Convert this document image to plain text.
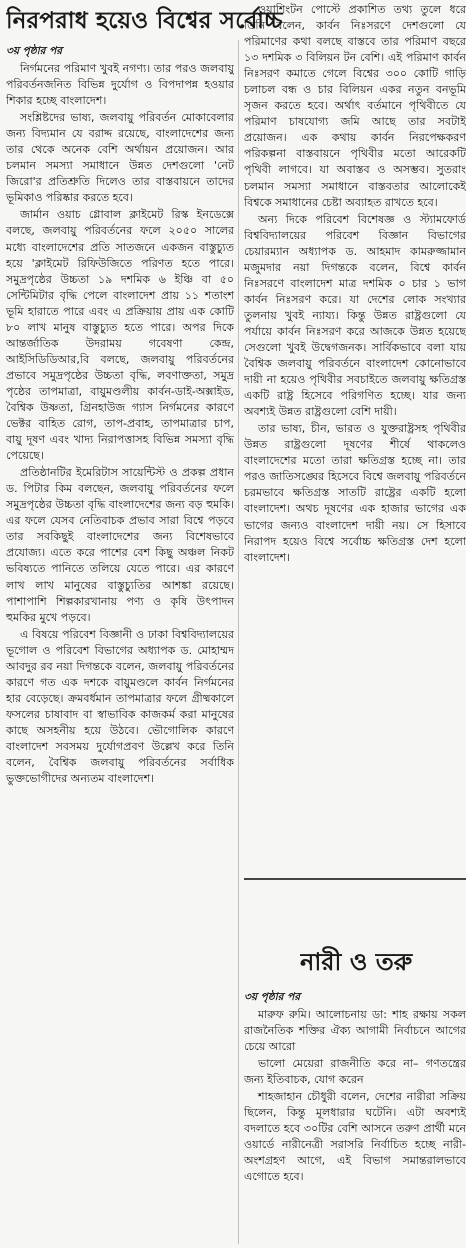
নিরপরাধ হয়েও বিশ্বের সর্বোচ্চ
৩য় পৃষ্ঠার পর

নির্গমনের পরিমাণ খুবই নগণ্য। তার পরও জলবায়ু পরিবর্তনজনিত বিভিন্ন দুর্যোগ ও বিপদাপন্ন হওয়ার শিকার হচ্ছে বাংলাদেশ।

সংশ্লিষ্টদের ভাষ্য, জলবায়ু পরিবর্তন মোকাবেলার জন্য বিদ্যমান যে বরাদ্দ রয়েছে, বাংলাদেশের জন্য তার থেকে অনেক বেশি অর্থায়ন প্রয়োজন। আর চলমান সমস্যা সমাধানে উন্নত দেশগুলো 'নেট জিরো'র প্রতিশ্রুতি দিলেও তার বাস্তবায়নে তাদের ভূমিকাও পরিষ্কার করতে হবে।

জার্মান ওয়াচ গ্লোবাল ক্লাইমেট রিস্ক ইনডেক্সে বলছে, জলবায়ু পরিবর্তনের ফলে ২০৫০ সালের মধ্যে বাংলাদেশের প্রতি সাতজনে একজন বাস্তুচ্যুত হয়ে 'ক্লাইমেট রিফিউজিতে পরিণত হতে পারে। সমুদ্রপৃষ্ঠের উচ্চতা ১৯ দশমিক ৬ ইঞ্চি বা ৫০ সেন্টিমিটার বৃদ্ধি পেলে বাংলাদেশ প্রায় ১১ শতাংশ ভূমি হারাতে পারে এবং এ প্রক্রিয়ায় প্রায় এক কোটি ৮০ লাখ মানুষ বাস্তুচ্যুত হতে পারে। অপর দিকে আন্তর্জাতিক উদরাময় গবেষণা কেন্দ্র, আইসিডিডিআর,বি বলছে, জলবায়ু পরিবর্তনের প্রভাবে সমুদ্রপৃষ্ঠের উচ্চতা বৃদ্ধি, লবণাক্ততা, সমুদ্র পৃষ্ঠের তাপমাত্রা, বায়ুমণ্ডলীয় কার্বন-ডাই-অক্সাইড, বৈশ্বিক উষ্ণতা, গ্রিনহাউজ গ্যাস নির্গমনের কারণে ভেক্টর বাহিত রোগ, তাপ-প্রবাহ, তাপমাত্রার চাপ, বায়ু দূষণ এবং খাদ্য নিরাপত্তাসহ বিভিন্ন সমস্যা বৃদ্ধি পেয়েছে।

প্রতিষ্ঠানটির ইমেরিটাস সায়েন্টিস্ট ও প্রকল্প প্রধান ড. পিটার কিম বলছেন, জলবায়ু পরিবর্তনের ফলে সমুদ্রপৃষ্ঠের উচ্চতা বৃদ্ধি বাংলাদেশের জন্য বড় হুমকি। এর ফলে যেসব নেতিবাচক প্রভাব সারা বিশ্বে পড়বে তার সবকিছুই বাংলাদেশের জন্য বিশেষভাবে প্রযোজ্য। এতে করে পাশের বেশ কিছু অঞ্চল নিকট ভবিষ্যতে পানিতে তলিয়ে যেতে পারে। এর কারণে লাখ লাখ মানুষের বাস্তুচ্যুতির আশঙ্কা রয়েছে। পাশাপাশি শিল্পকারখানায় পণ্য ও কৃষি উৎপাদন হুমকির মুখে পড়বে।

এ বিষয়ে পরিবেশ বিজ্ঞানী ও ঢাকা বিশ্ববিদ্যালয়ের ভূগোল ও পরিবেশ বিভাগের অধ্যাপক ড. মোহাম্মদ আবদুর রব নয়া দিগন্তকে বলেন, জলবায়ু পরিবর্তনের কারণে গত এক দশকে বায়ুমণ্ডলে কার্বন নির্গমনের হার বেড়েছে। ক্রমবর্ধমান তাপমাত্রার ফলে গ্রীষ্মকালে ফসলের চাষাবাদ বা স্বাভাবিক কাজকর্ম করা মানুষের কাছে অসহনীয় হয়ে উঠবে। ভৌগোলিক কারণে বাংলাদেশ সবসময় দুর্যোগপ্রবণ উল্লেখ করে তিনি বলেন, বৈশ্বিক জলবায়ু পরিবর্তনের সর্বাধিক ভুক্তভোগীদের অন্যতম বাংলাদেশ।

ওয়াশিংটন পোস্টে প্রকাশিত তথ্য তুলে ধরে তিনি বলেন, কার্বন নিঃসরণে দেশগুলো যে পরিমাণের কথা বলছে বাস্তবে তার পরিমাণ বছরে ১৩ দশমিক ৩ বিলিয়ন টন বেশি। এই পরিমাণ কার্বন নিঃসরণ কমাতে গেলে বিশ্বের ৩০০ কোটি গাড়ি চলাচল বন্ধ ও চার বিলিয়ন একর নতুন বনভূমি সৃজন করতে হবে। অর্থাৎ বর্তমানে পৃথিবীতে যে পরিমাণ চাষযোগ্য জমি আছে তার সবটাই প্রয়োজন। এক কথায় কার্বন নিরপেক্ষকরণ পরিকল্পনা বাস্তবায়নে পৃথিবীর মতো আরেকটি পৃথিবী লাগবে। যা অবাস্তব ও অসম্ভব। সুতরাং চলমান সমস্যা সমাধানে বাস্তবতার আলোকেই বিশ্বকে সমাধানের চেষ্টা অব্যাহত রাখতে হবে।

অন্য দিকে পরিবেশ বিশেষজ্ঞ ও স্ট্যামফোর্ড বিশ্ববিদ্যালয়ের পরিবেশ বিজ্ঞান বিভাগের চেয়ারম্যান অধ্যাপক ড. আহমাদ কামরুজ্জামান মজুমদার নয়া দিগন্তকে বলেন, বিশ্বে কার্বন নিঃসরণে বাংলাদেশ মাত্র দশমিক ০ চার ১ ভাগ কার্বন নিঃসরণ করে। যা দেশের লোক সংখ্যার তুলনায় খুবই ন্যায্য। কিন্তু উন্নত রাষ্ট্রগুলো যে পর্যায়ে কার্বন নিঃসরণ করে আজকে উন্নত হয়েছে সেগুলো খুবই উদ্বেগজনক। সার্বিকভাবে বলা যায় বৈশ্বিক জলবায়ু পরিবর্তনে বাংলাদেশ কোনোভাবে দায়ী না হয়েও পৃথিবীর সবচাইতে জলবায়ু ক্ষতিগ্রস্ত একটি রাষ্ট্র হিসেবে পরিগণিত হচ্ছে। যার জন্য অবশ্যই উন্নত রাষ্ট্রগুলো বেশি দায়ী।

তার ভাষ্য, চীন, ভারত ও যুক্তরাষ্ট্রসহ পৃথিবীর উন্নত রাষ্ট্রগুলো দূষণের শীর্ষে থাকলেও বাংলাদেশের মতো তারা ক্ষতিগ্রস্ত হচ্ছে না। তার পরও জাতিসঙ্ঘের হিসেবে বিশ্বে জলবায়ু পরিবর্তনে চরমভাবে ক্ষতিগ্রস্ত সাতটি রাষ্ট্রের একটি হলো বাংলাদেশ। অথচ দূষণের এক হাজার ভাগের এক ভাগের জন্যও বাংলাদেশ দায়ী নয়। সে হিসাবে নিরাপদ হয়েও বিশ্বে সর্বোচ্চ ক্ষতিগ্রস্ত দেশ হলো বাংলাদেশ।

নারী ও তরু
৩য় পৃষ্ঠার পর

মারুফ রুমি। আলোচনায় ডা: শাহ রক্ষায় সকল রাজনৈতিক শক্তির ঐক্য আগামী নির্বাচনে আগের চেয়ে আরো

ভালো মেয়েরা রাজনীতি করে না– গণতন্ত্রের জন্য ইতিবাচক, যোগ করেন

শাহজাহান চৌধুরী বলেন, দেশের নারীরা সক্রিয় ছিলেন, কিন্তু মূলধারার ঘটেনি। এটা অবশ্যই বদলাতে হবে ৩০টির বেশি আসনে তরুণ প্রার্থী মনে ওয়ার্ডে নারীনেত্রী সরাসরি নির্বাচিত হচ্ছে নারী-অংশগ্রহণ আগে, এই বিভাগ সমান্তরালভাবে এগোতে হবে।
